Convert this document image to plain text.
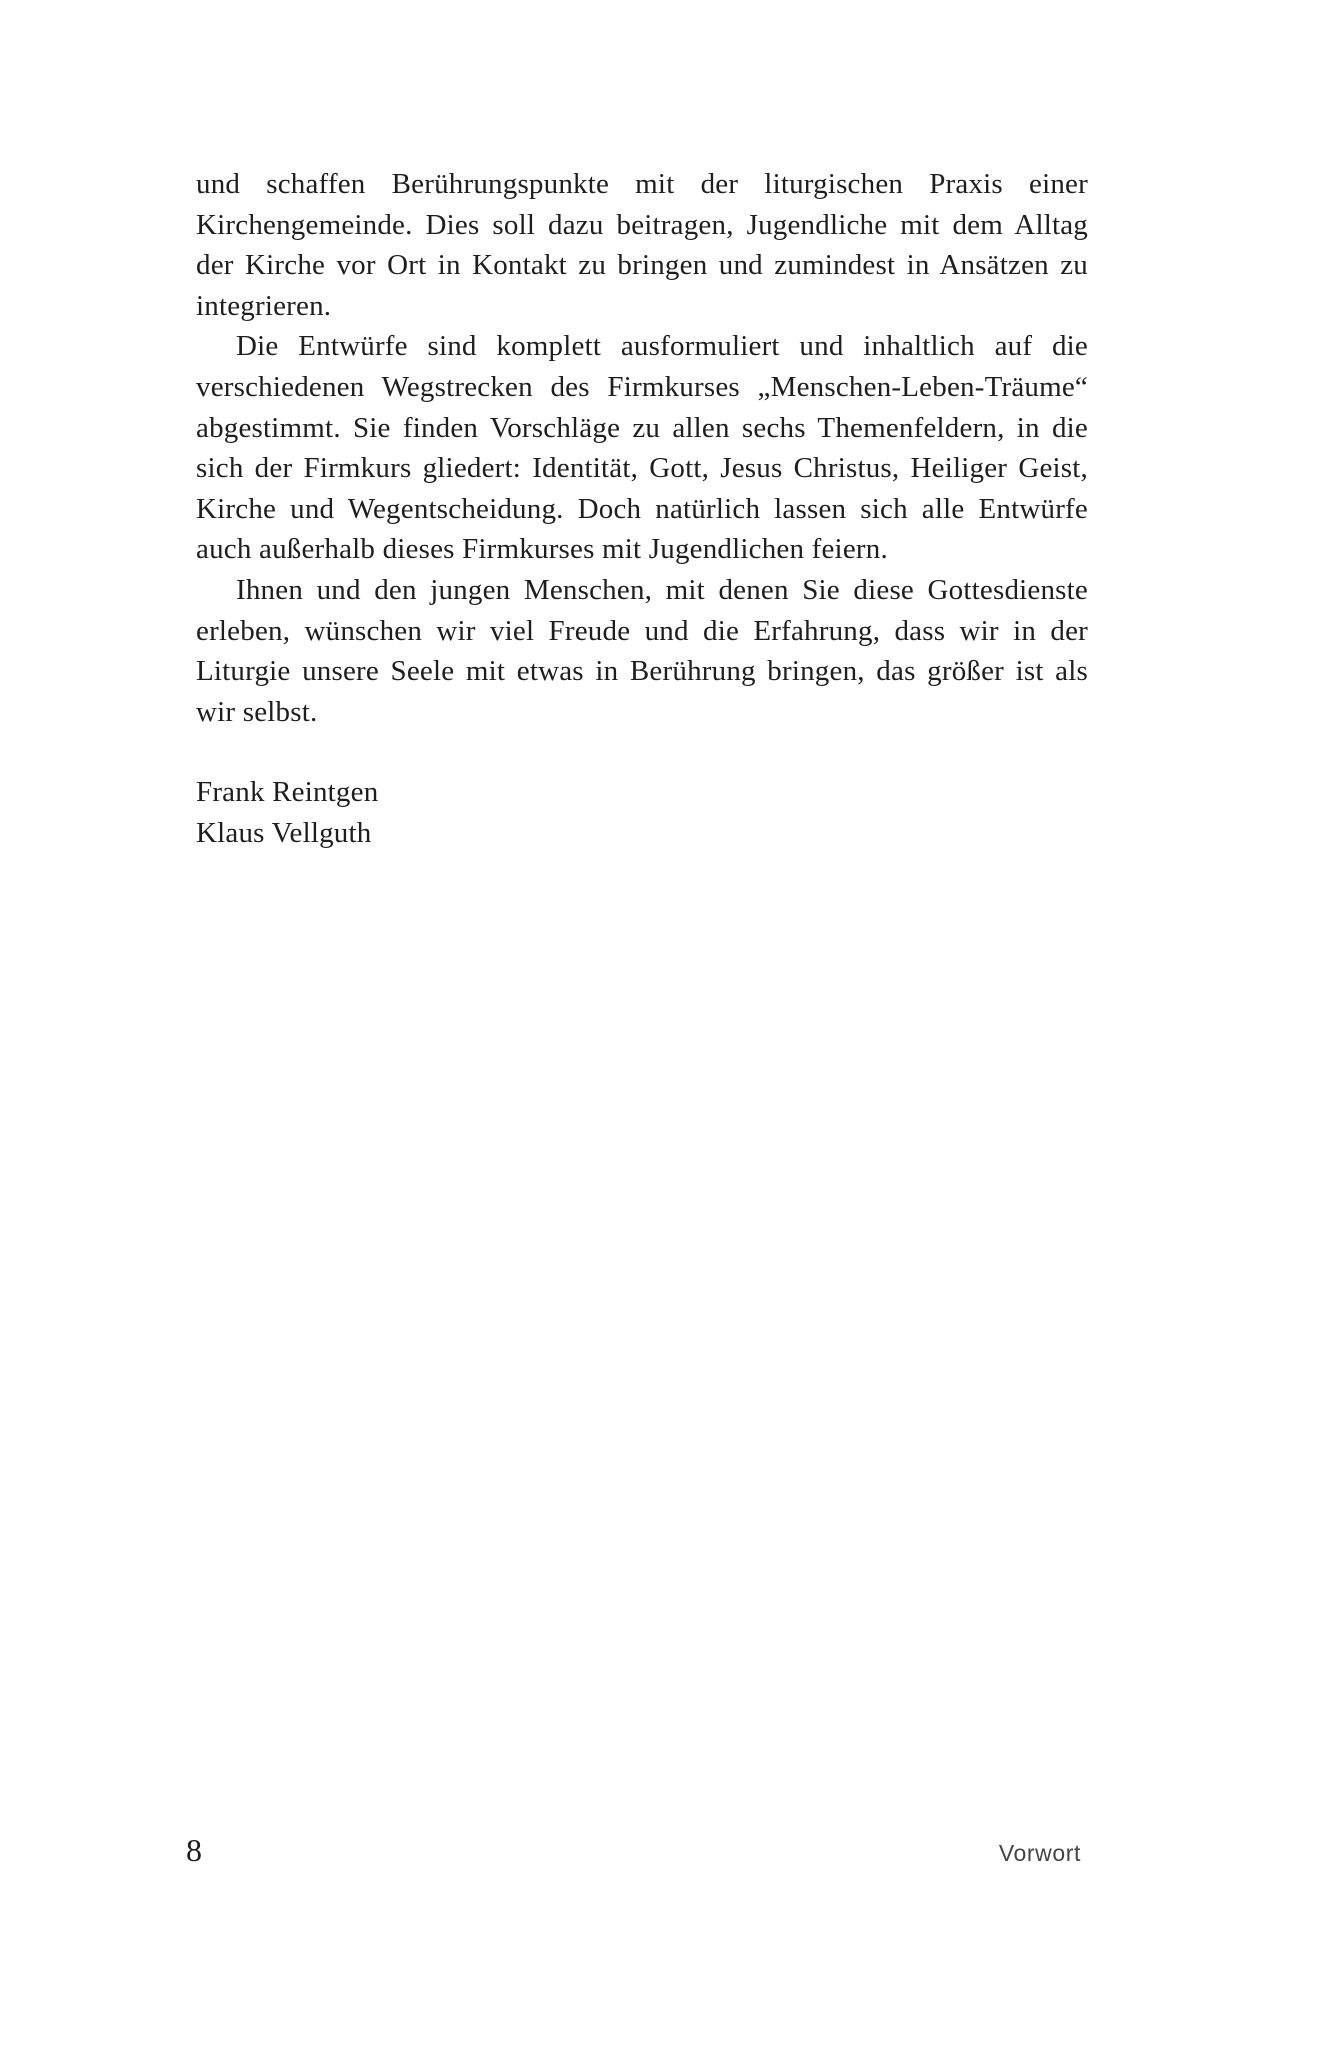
und schaffen Berührungspunkte mit der liturgischen Praxis einer Kirchengemeinde. Dies soll dazu beitragen, Jugendliche mit dem Alltag der Kirche vor Ort in Kontakt zu bringen und zumindest in Ansätzen zu integrieren.

Die Entwürfe sind komplett ausformuliert und inhaltlich auf die verschiedenen Wegstrecken des Firmkurses „Menschen-Leben-Träume“ abgestimmt. Sie finden Vorschläge zu allen sechs Themenfeldern, in die sich der Firmkurs gliedert: Identität, Gott, Jesus Christus, Heiliger Geist, Kirche und Wegentscheidung. Doch natürlich lassen sich alle Entwürfe auch außerhalb dieses Firmkurses mit Jugendlichen feiern.

Ihnen und den jungen Menschen, mit denen Sie diese Gottesdienste erleben, wünschen wir viel Freude und die Erfahrung, dass wir in der Liturgie unsere Seele mit etwas in Berührung bringen, das größer ist als wir selbst.

Frank Reintgen
Klaus Vellguth
8	Vorwort
